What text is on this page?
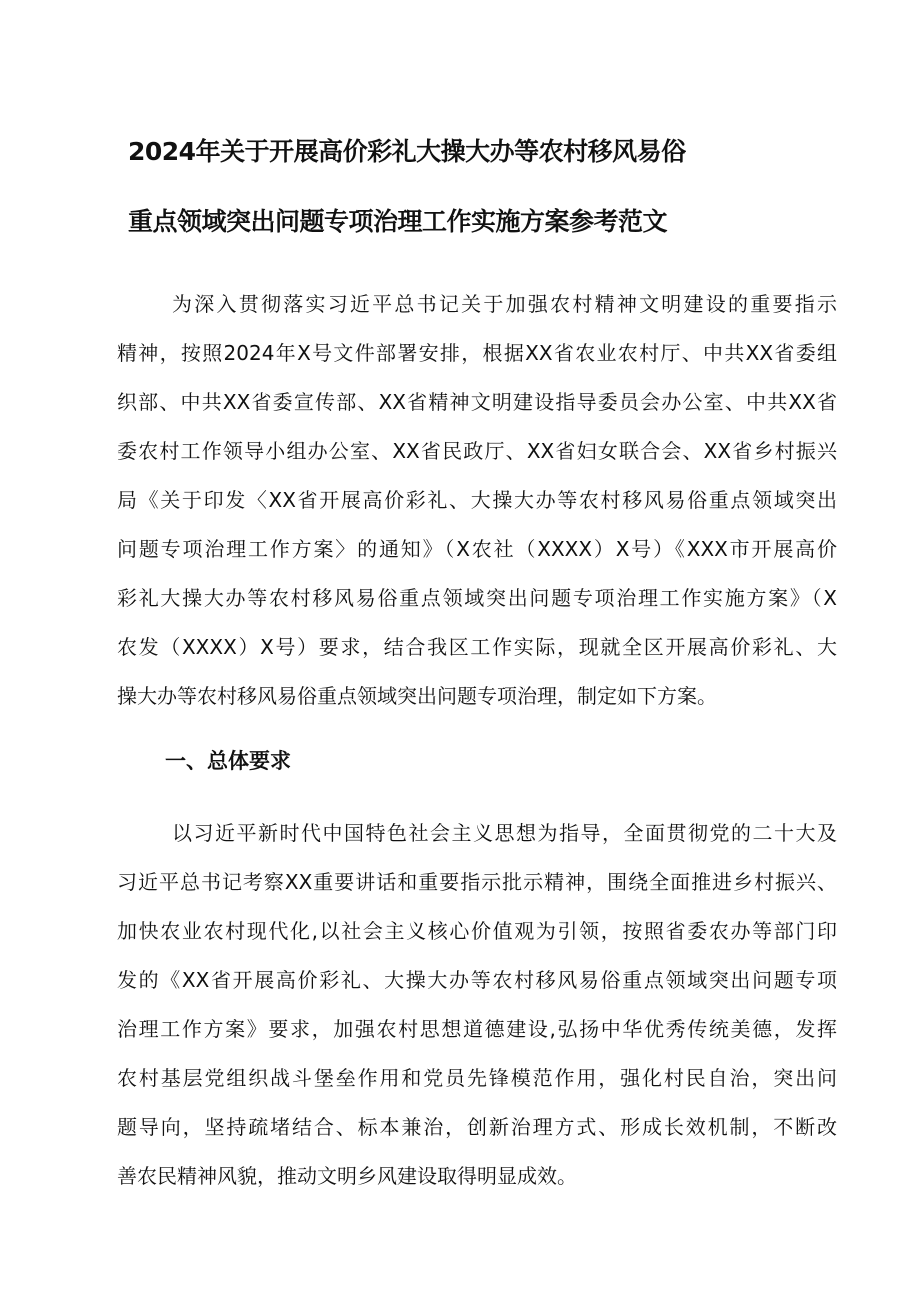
2024年关于开展高价彩礼大操大办等农村移风易俗
重点领域突出问题专项治理工作实施方案参考范文
为深入贯彻落实习近平总书记关于加强农村精神文明建设的重要指示
精神，按照2024年X号文件部署安排，根据XX省农业农村厅、中共XX省委组
织部、中共XX省委宣传部、XX省精神文明建设指导委员会办公室、中共XX省
委农村工作领导小组办公室、XX省民政厅、XX省妇女联合会、XX省乡村振兴
局《关于印发〈XX省开展高价彩礼、大操大办等农村移风易俗重点领域突出
问题专项治理工作方案〉的通知》（X农社（XXXX）X号）《XXX市开展高价
彩礼大操大办等农村移风易俗重点领域突出问题专项治理工作实施方案》（X
农发（XXXX）X号）要求，结合我区工作实际，现就全区开展高价彩礼、大
操大办等农村移风易俗重点领域突出问题专项治理，制定如下方案。
一、总体要求
以习近平新时代中国特色社会主义思想为指导，全面贯彻党的二十大及
习近平总书记考察XX重要讲话和重要指示批示精神，围绕全面推进乡村振兴、
加快农业农村现代化,以社会主义核心价值观为引领，按照省委农办等部门印
发的《XX省开展高价彩礼、大操大办等农村移风易俗重点领域突出问题专项
治理工作方案》要求，加强农村思想道德建设,弘扬中华优秀传统美德，发挥
农村基层党组织战斗堡垒作用和党员先锋模范作用，强化村民自治，突出问
题导向，坚持疏堵结合、标本兼治，创新治理方式、形成长效机制，不断改
善农民精神风貌，推动文明乡风建设取得明显成效。
